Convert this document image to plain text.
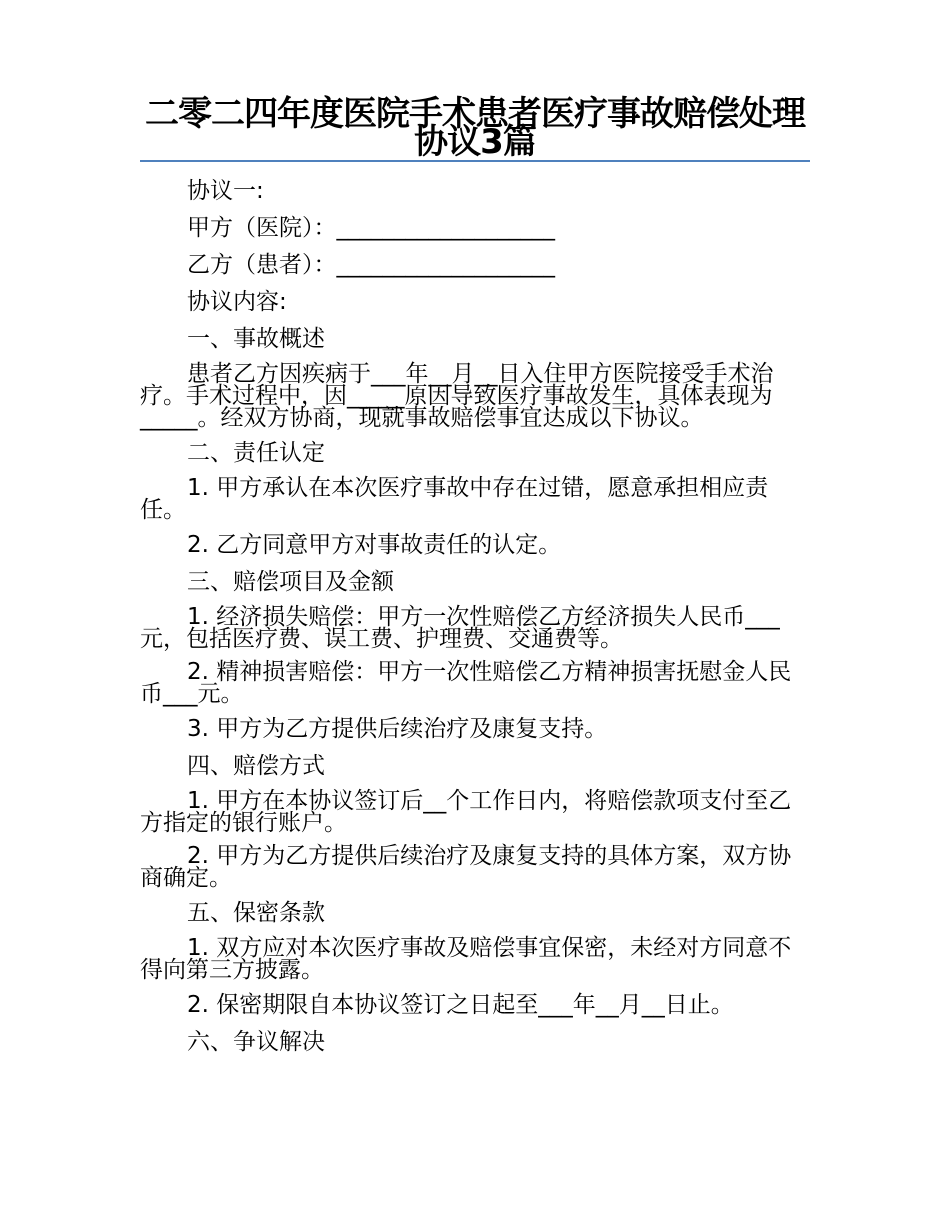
二零二四年度医院手术患者医疗事故赔偿处理协议3篇

协议一:

甲方（医院）：___________________

乙方（患者）：___________________

协议内容:

一、事故概述

患者乙方因疾病于___年__月__日入住甲方医院接受手术治疗。手术过程中，因_____原因导致医疗事故发生，具体表现为_____。经双方协商，现就事故赔偿事宜达成以下协议。

二、责任认定

1. 甲方承认在本次医疗事故中存在过错，愿意承担相应责任。

2. 乙方同意甲方对事故责任的认定。

三、赔偿项目及金额

1. 经济损失赔偿：甲方一次性赔偿乙方经济损失人民币___元，包括医疗费、误工费、护理费、交通费等。

2. 精神损害赔偿：甲方一次性赔偿乙方精神损害抚慰金人民币___元。

3. 甲方为乙方提供后续治疗及康复支持。

四、赔偿方式

1. 甲方在本协议签订后__个工作日内，将赔偿款项支付至乙方指定的银行账户。

2. 甲方为乙方提供后续治疗及康复支持的具体方案，双方协商确定。

五、保密条款

1. 双方应对本次医疗事故及赔偿事宜保密，未经对方同意不得向第三方披露。

2. 保密期限自本协议签订之日起至___年__月__日止。

六、争议解决
